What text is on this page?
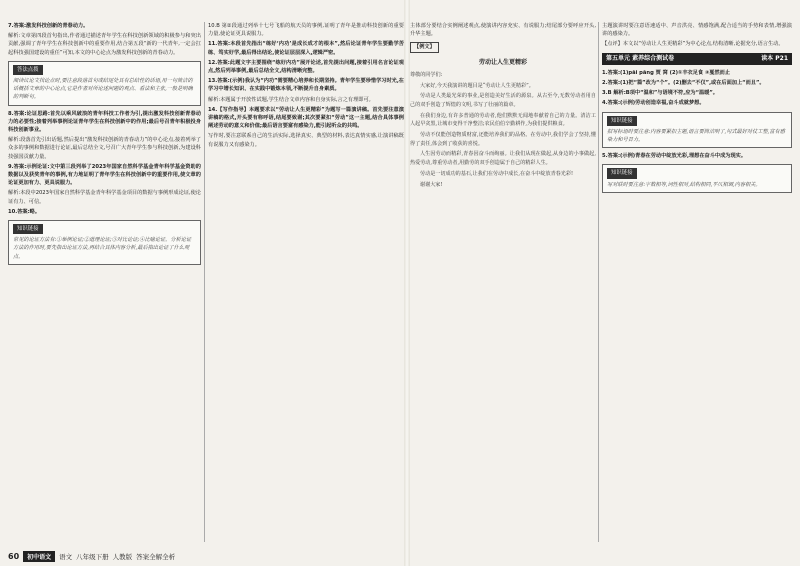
7.答案:激发科技创新的青春动力。

解析:文章第四段首句指出,作者通过描述青年学生在科技创新领域的积极参与和突出贡献,强调了青年学生在科技创新中的重要作用,结合第五段“新的一代青年,一定会扛起科技强国建设的重任”可知,本文的中心论点为激发科技创新的青春动力。

答法点拨
阅读议论文找论点时,要注意段落首句或结尾处具有总结性的话语,用一句简洁的话概括文章的中心论点,它是作者对所论述问题的观点、看法和主张,一般是明确的判断句。

8.答案:论证思路:首先以乘风破浪的青年科技工作者为引,提出激发科技创新青春动力的必要性;接着列举事例论证青年学生在科技创新中的作用;最后号召青年积极投身科技创新事业。

解析:段落首先引出话题,然后提出“激发科技创新的青春动力”的中心论点,接着列举了众多的事例和数据进行论证,最后总结全文,号召广大青年学生参与科技创新,为建设科技强国贡献力量。

9.答案:示例论证:文中第三段列举了2023年国家自然科学基金青年科学基金资助的数据以及获奖青年的事例,有力地证明了青年学生在科技创新中的重要作用,使文章的论证更加有力、更具说服力。

解析:本段中2023年国家自然科学基金青年科学基金项目的数据与事例形成论证,使论证有力、可信。

10.答案:略。

知识链接
常见的论证方法有:①举例论证;②道理论证;③对比论证;④比喻论证。分析论证方法的作用时,要先指出论证方法,再结合具体内容分析,最后指出论证了什么观点。

10.B 第②段通过列举十七号飞船的航天员的事例,证明了青年是推动科技创新的重要力量,使论证更具说服力。

11.答案:本段首先指出“练好‘内功’是成长成才的根本”,然后论证青年学生要勤学苦练、笃实好学,最后得出结论,使论证层层深入,逻辑严密。

12.答案:此题文字主要围绕“练好内功”展开论述,首先提出问题,接着引用名言论证观点,然后列举事例,最后总结全文,结构清晰完整。

13.答案:(示例)我认为“内功”需要精心培养和长期坚持。青年学生要珍惜学习时光,在学习中增长知识、在实践中锻炼本领,不断提升自身素质。

解析:本题属于开放性试题,学生结合文章内容和自身实际,言之有理即可。

14.【写作指导】本题要求以“劳动让人生更精彩”为题写一篇演讲稿。首先要注意演讲稿的格式,开头要有称呼语,结尾要致谢;其次要紧扣“劳动”这一主题,结合具体事例阐述劳动的意义和价值;最后语言要富有感染力,能引起听众的共鸣。

写作时,要注意联系自己的生活实际,选择真实、典型的材料,表达真情实感,让演讲稿既有说服力又有感染力。

主体部分要结合实例阐述观点,使演讲内容充实、有说服力;结尾部分要呼应开头,升华主题。

【例文】
劳动让人生更精彩

尊敬的同学们:

大家好,今天我演讲的题目是“劳动让人生更精彩”。

劳动是人类最光荣的事业,是创造美好生活的源泉。从古至今,无数劳动者用自己的双手创造了辉煌的文明,书写了壮丽的篇章。

在我们身边,有许多普通的劳动者,他们默默无闻地奉献着自己的力量。清洁工人起早贪黑,让城市变得干净整洁;农民伯伯辛勤耕作,为我们提供粮食。

劳动不仅能创造物质财富,还能培养我们的品格。在劳动中,我们学会了坚持,懂得了责任,体会到了收获的喜悦。

人生因劳动而精彩,青春因奋斗而绚丽。让我们从现在做起,从身边的小事做起,热爱劳动,尊重劳动者,用勤劳的双手创造属于自己的精彩人生。

劳动是一切成功的基石,让我们在劳动中成长,在奋斗中绽放青春光彩!

谢谢大家!

主题演讲时要注意语速适中、声音洪亮、情感饱满,配合适当的手势和表情,增强演讲的感染力。

【点评】本文以“劳动让人生更精彩”为中心论点,结构清晰,论据充分,语言生动。

第五单元 素养综合测试卷	读本 P21

1.答案:(1)pāi pāng 贾 窝 (2)①丰衣足食 ②戛然而止

2.答案:(1)把“篇”改为“个”。(2)删去“不仅”,或在后面加上“而且”。

3.B 解析:B项中“温和”与语境不符,应为“温暖”。

4.答案:(示例)劳动创造幸福,奋斗成就梦想。

知识链接
拟写标语时要注意:内容要紧扣主题,语言要简洁明了,句式最好对仗工整,富有感染力和号召力。

5.答案:(示例)青春在劳动中绽放光彩,理想在奋斗中成为现实。

知识链接
写对联时要注意:字数相等,词性相对,结构相同,平仄相调,内容相关。
60	初中语文	语文 八年级下册 人教版 答案全解全析
